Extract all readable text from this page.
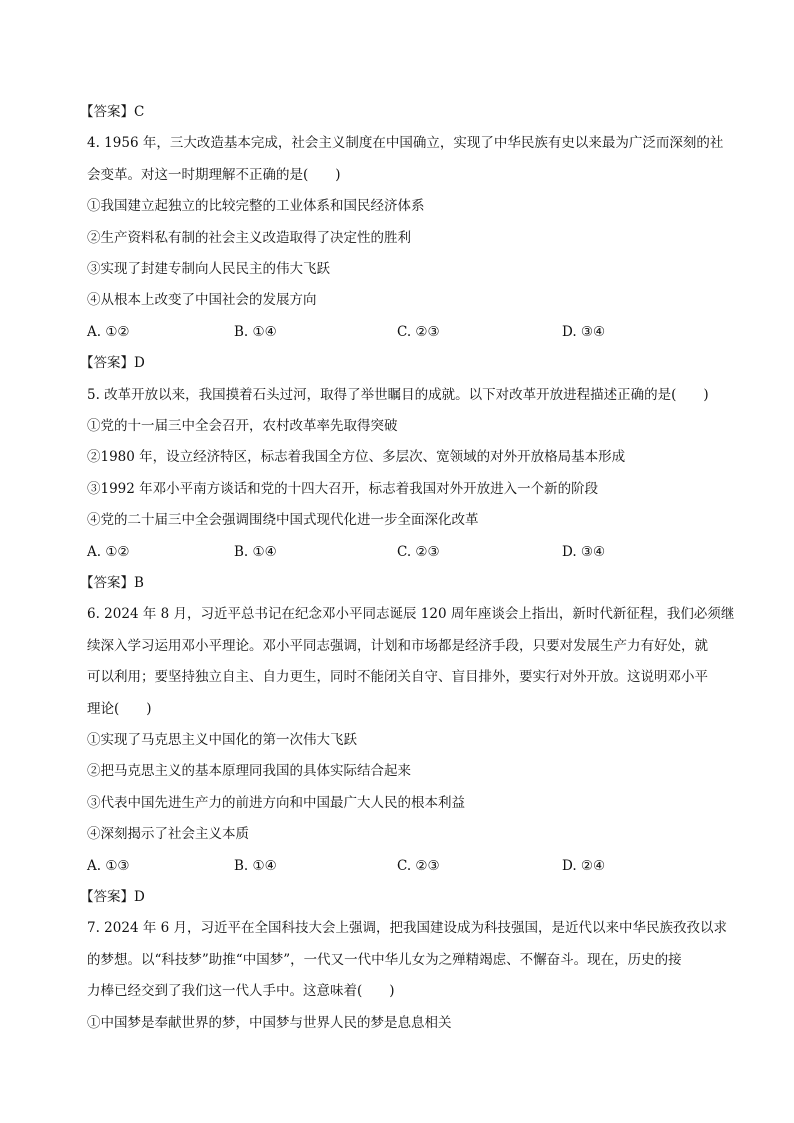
【答案】C
4. 1956 年，三大改造基本完成，社会主义制度在中国确立，实现了中华民族有史以来最为广泛而深刻的社
会变革。对这一时期理解不正确的是(　　)
①我国建立起独立的比较完整的工业体系和国民经济体系
②生产资料私有制的社会主义改造取得了决定性的胜利
③实现了封建专制向人民民主的伟大飞跃
④从根本上改变了中国社会的发展方向
A. ①②	B. ①④	C. ②③	D. ③④
【答案】D
5. 改革开放以来，我国摸着石头过河，取得了举世瞩目的成就。以下对改革开放进程描述正确的是(　　)
①党的十一届三中全会召开，农村改革率先取得突破
②1980 年，设立经济特区，标志着我国全方位、多层次、宽领域的对外开放格局基本形成
③1992 年邓小平南方谈话和党的十四大召开，标志着我国对外开放进入一个新的阶段
④党的二十届三中全会强调围绕中国式现代化进一步全面深化改革
A. ①②	B. ①④	C. ②③	D. ③④
【答案】B
6. 2024 年 8 月，习近平总书记在纪念邓小平同志诞辰 120 周年座谈会上指出，新时代新征程，我们必须继
续深入学习运用邓小平理论。邓小平同志强调，计划和市场都是经济手段，只要对发展生产力有好处，就
可以利用；要坚持独立自主、自力更生，同时不能闭关自守、盲目排外，要实行对外开放。这说明邓小平
理论(　　)
①实现了马克思主义中国化的第一次伟大飞跃
②把马克思主义的基本原理同我国的具体实际结合起来
③代表中国先进生产力的前进方向和中国最广大人民的根本利益
④深刻揭示了社会主义本质
A. ①③	B. ①④	C. ②③	D. ②④
【答案】D
7. 2024 年 6 月，习近平在全国科技大会上强调，把我国建设成为科技强国，是近代以来中华民族孜孜以求
的梦想。以“科技梦”助推“中国梦”，一代又一代中华儿女为之殚精竭虑、不懈奋斗。现在，历史的接
力棒已经交到了我们这一代人手中。这意味着(　　)
①中国梦是奉献世界的梦，中国梦与世界人民的梦是息息相关
